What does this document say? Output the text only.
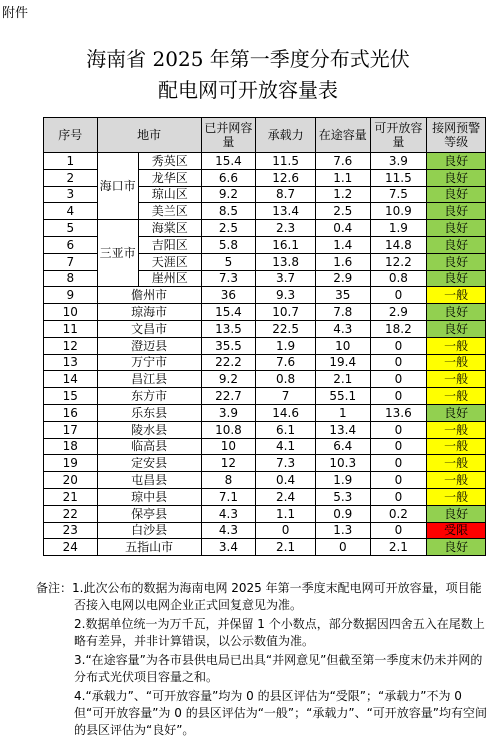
附件
海南省 2025 年第一季度分布式光伏
配电网可开放容量表
序号	地市		已并网容量	承载力	在途容量	可开放容量	接网预警等级
1	海口市	秀英区	15.4	11.5	7.6	3.9	良好
2		龙华区	6.6	12.6	1.1	11.5	良好
3		琼山区	9.2	8.7	1.2	7.5	良好
4		美兰区	8.5	13.4	2.5	10.9	良好
5	三亚市	海棠区	2.5	2.3	0.4	1.9	良好
6		吉阳区	5.8	16.1	1.4	14.8	良好
7		天涯区	5	13.8	1.6	12.2	良好
8		崖州区	7.3	3.7	2.9	0.8	良好
9	儋州市		36	9.3	35	0	一般
10	琼海市		15.4	10.7	7.8	2.9	良好
11	文昌市		13.5	22.5	4.3	18.2	良好
12	澄迈县		35.5	1.9	10	0	一般
13	万宁市		22.2	7.6	19.4	0	一般
14	昌江县		9.2	0.8	2.1	0	一般
15	东方市		22.7	7	55.1	0	一般
16	乐东县		3.9	14.6	1	13.6	良好
17	陵水县		10.8	6.1	13.4	0	一般
18	临高县		10	4.1	6.4	0	一般
19	定安县		12	7.3	10.3	0	一般
20	屯昌县		8	0.4	1.9	0	一般
21	琼中县		7.1	2.4	5.3	0	一般
22	保亭县		4.3	1.1	0.9	0.2	良好
23	白沙县		4.3	0	1.3	0	受限
24	五指山市		3.4	2.1	0	2.1	良好
备注： 1.此次公布的数据为海南电网 2025 年第一季度末配电网可开放容量，项目能否接入电网以电网企业正式回复意见为准。
2.数据单位统一为万千瓦，并保留 1 个小数点，部分数据因四舍五入在尾数上略有差异，并非计算错误，以公示数值为准。
3.“在途容量”为各市县供电局已出具“并网意见”但截至第一季度末仍未并网的分布式光伏项目容量之和。
4.“承载力”、“可开放容量”均为 0 的县区评估为“受限”；“承载力”不为 0 但“可开放容量”为 0 的县区评估为“一般”；“承载力”、“可开放容量”均有空间的县区评估为“良好”。
